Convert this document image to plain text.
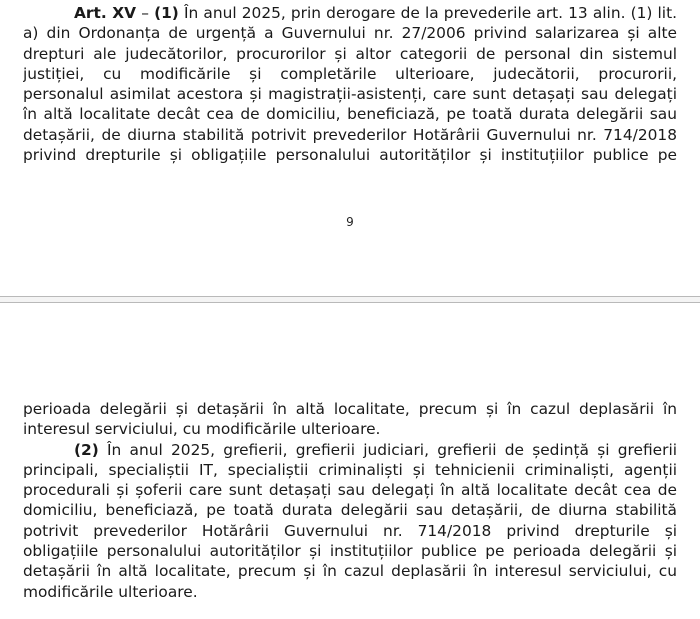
Art. XV – (1) În anul 2025, prin derogare de la prevederile art. 13 alin. (1) lit.
a) din Ordonanța de urgență a Guvernului nr. 27/2006 privind salarizarea și alte
drepturi ale judecătorilor, procurorilor și altor categorii de personal din sistemul
justiției, cu modificările și completările ulterioare, judecătorii, procurorii,
personalul asimilat acestora și magistrații-asistenți, care sunt detașați sau delegați
în altă localitate decât cea de domiciliu, beneficiază, pe toată durata delegării sau
detașării, de diurna stabilită potrivit prevederilor Hotărârii Guvernului nr. 714/2018
privind drepturile și obligațiile personalului autorităților și instituțiilor publice pe
9
perioada delegării și detașării în altă localitate, precum și în cazul deplasării în
interesul serviciului, cu modificările ulterioare.
(2) În anul 2025, grefierii, grefierii judiciari, grefierii de ședință și grefierii
principali, specialiștii IT, specialiștii criminaliști și tehnicienii criminaliști, agenții
procedurali și șoferii care sunt detașați sau delegați în altă localitate decât cea de
domiciliu, beneficiază, pe toată durata delegării sau detașării, de diurna stabilită
potrivit prevederilor Hotărârii Guvernului nr. 714/2018 privind drepturile și
obligațiile personalului autorităților și instituțiilor publice pe perioada delegării și
detașării în altă localitate, precum și în cazul deplasării în interesul serviciului, cu
modificările ulterioare.
